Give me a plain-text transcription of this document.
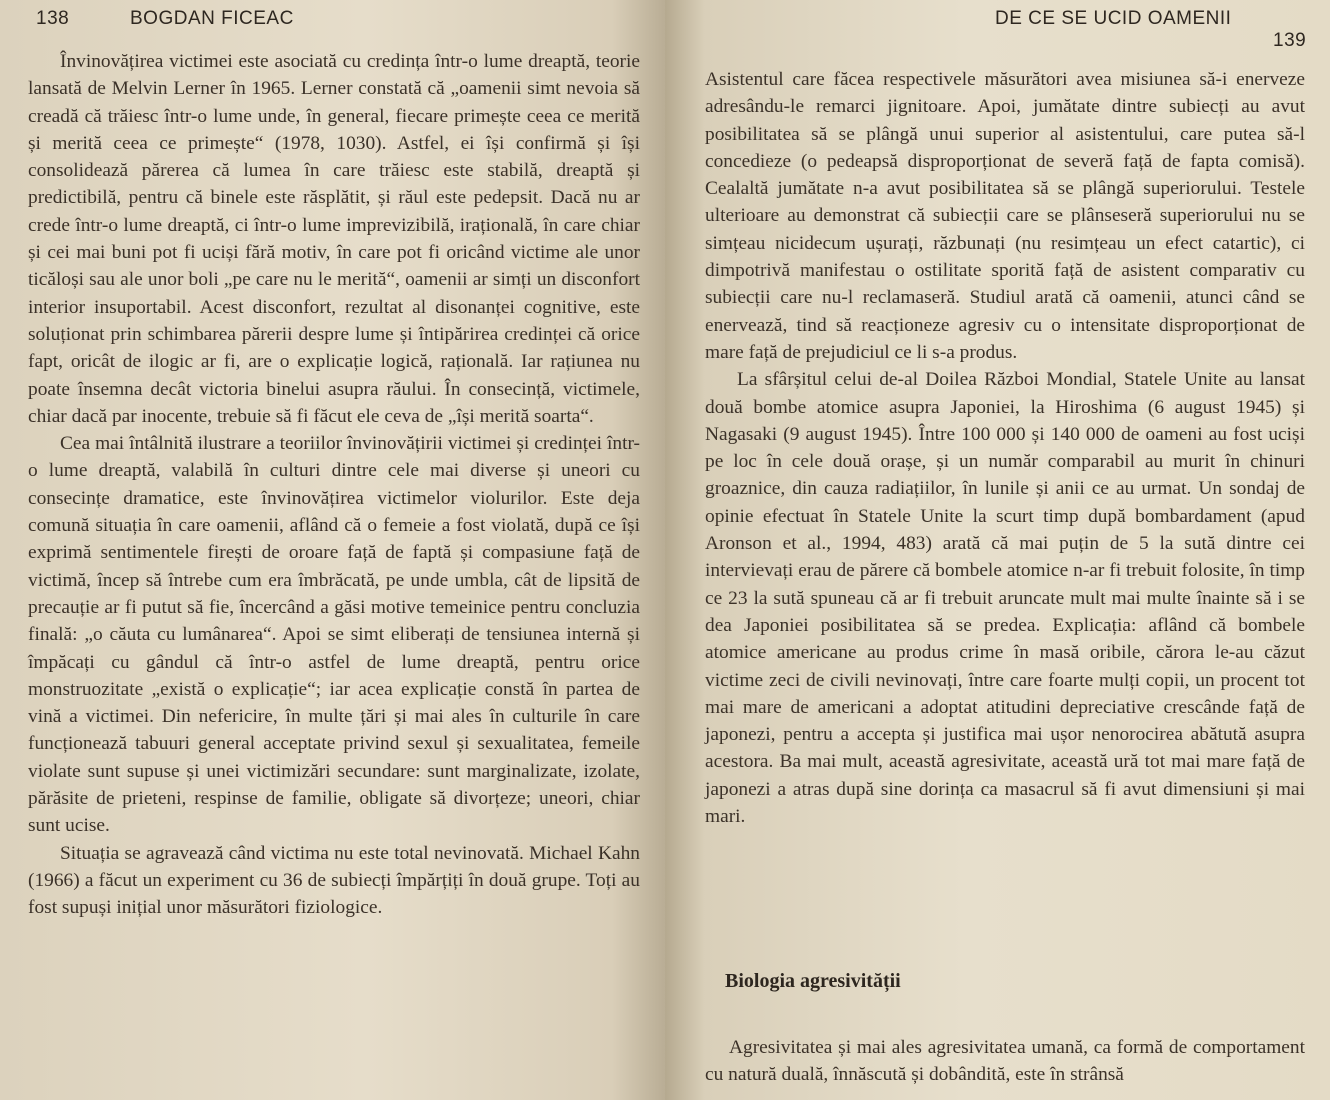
138	BOGDAN FICEAC

Învinovățirea victimei este asociată cu credința într-o lume dreaptă, teorie lansată de Melvin Lerner în 1965. Lerner constată că „oamenii simt nevoia să creadă că trăiesc într-o lume unde, în general, fiecare primește ceea ce merită și merită ceea ce primește“ (1978, 1030). Astfel, ei își confirmă și își consolidează părerea că lumea în care trăiesc este stabilă, dreaptă și predictibilă, pentru că binele este răsplătit, și răul este pedepsit. Dacă nu ar crede într-o lume dreaptă, ci într-o lume imprevizibilă, irațională, în care chiar și cei mai buni pot fi uciși fără motiv, în care pot fi oricând victime ale unor ticăloși sau ale unor boli „pe care nu le merită“, oamenii ar simți un disconfort interior insuportabil. Acest disconfort, rezultat al disonanței cognitive, este soluționat prin schimbarea părerii despre lume și întipărirea credinței că orice fapt, oricât de ilogic ar fi, are o explicație logică, rațională. Iar rațiunea nu poate însemna decât victoria binelui asupra răului. În consecință, victimele, chiar dacă par inocente, trebuie să fi făcut ele ceva de „își merită soarta“.

Cea mai întâlnită ilustrare a teoriilor învinovățirii victimei și credinței într-o lume dreaptă, valabilă în culturi dintre cele mai diverse și uneori cu consecințe dramatice, este învinovățirea victimelor violurilor. Este deja comună situația în care oamenii, aflând că o femeie a fost violată, după ce își exprimă sentimentele firești de oroare față de faptă și compasiune față de victimă, încep să întrebe cum era îmbrăcată, pe unde umbla, cât de lipsită de precauție ar fi putut să fie, încercând a găsi motive temeinice pentru concluzia finală: „o căuta cu lumânarea“. Apoi se simt eliberați de tensiunea internă și împăcați cu gândul că într-o astfel de lume dreaptă, pentru orice monstruozitate „există o explicație“; iar acea explicație constă în partea de vină a victimei. Din nefericire, în multe țări și mai ales în culturile în care funcționează tabuuri general acceptate privind sexul și sexualitatea, femeile violate sunt supuse și unei victimizări secundare: sunt marginalizate, izolate, părăsite de prieteni, respinse de familie, obligate să divorțeze; uneori, chiar sunt ucise.

Situația se agravează când victima nu este total nevinovată. Michael Kahn (1966) a făcut un experiment cu 36 de subiecți împărțiți în două grupe. Toți au fost supuși inițial unor măsurători fiziologice.

DE CE SE UCID OAMENII
139

Asistentul care făcea respectivele măsurători avea misiunea să-i enerveze adresându-le remarci jignitoare. Apoi, jumătate dintre subiecți au avut posibilitatea să se plângă unui superior al asistentului, care putea să-l concedieze (o pedeapsă disproporționat de severă față de fapta comisă). Cealaltă jumătate n-a avut posibilitatea să se plângă superiorului. Testele ulterioare au demonstrat că subiecții care se plânseseră superiorului nu se simțeau nicidecum ușurați, răzbunați (nu resimțeau un efect catartic), ci dimpotrivă manifestau o ostilitate sporită față de asistent comparativ cu subiecții care nu-l reclamaseră. Studiul arată că oamenii, atunci când se enervează, tind să reacționeze agresiv cu o intensitate disproporționat de mare față de prejudiciul ce li s-a produs.

La sfârșitul celui de-al Doilea Război Mondial, Statele Unite au lansat două bombe atomice asupra Japoniei, la Hiroshima (6 august 1945) și Nagasaki (9 august 1945). Între 100 000 și 140 000 de oameni au fost uciși pe loc în cele două orașe, și un număr comparabil au murit în chinuri groaznice, din cauza radiațiilor, în lunile și anii ce au urmat. Un sondaj de opinie efectuat în Statele Unite la scurt timp după bombardament (apud Aronson et al., 1994, 483) arată că mai puțin de 5 la sută dintre cei intervievați erau de părere că bombele atomice n-ar fi trebuit folosite, în timp ce 23 la sută spuneau că ar fi trebuit aruncate mult mai multe înainte să i se dea Japoniei posibilitatea să se predea. Explicația: aflând că bombele atomice americane au produs crime în masă oribile, cărora le-au căzut victime zeci de civili nevinovați, între care foarte mulți copii, un procent tot mai mare de americani a adoptat atitudini depreciative crescânde față de japonezi, pentru a accepta și justifica mai ușor nenorocirea abătută asupra acestora. Ba mai mult, această agresivitate, această ură tot mai mare față de japonezi a atras după sine dorința ca masacrul să fi avut dimensiuni și mai mari.

Biologia agresivității

Agresivitatea și mai ales agresivitatea umană, ca formă de comportament cu natură duală, înnăscută și dobândită, este în strânsă
